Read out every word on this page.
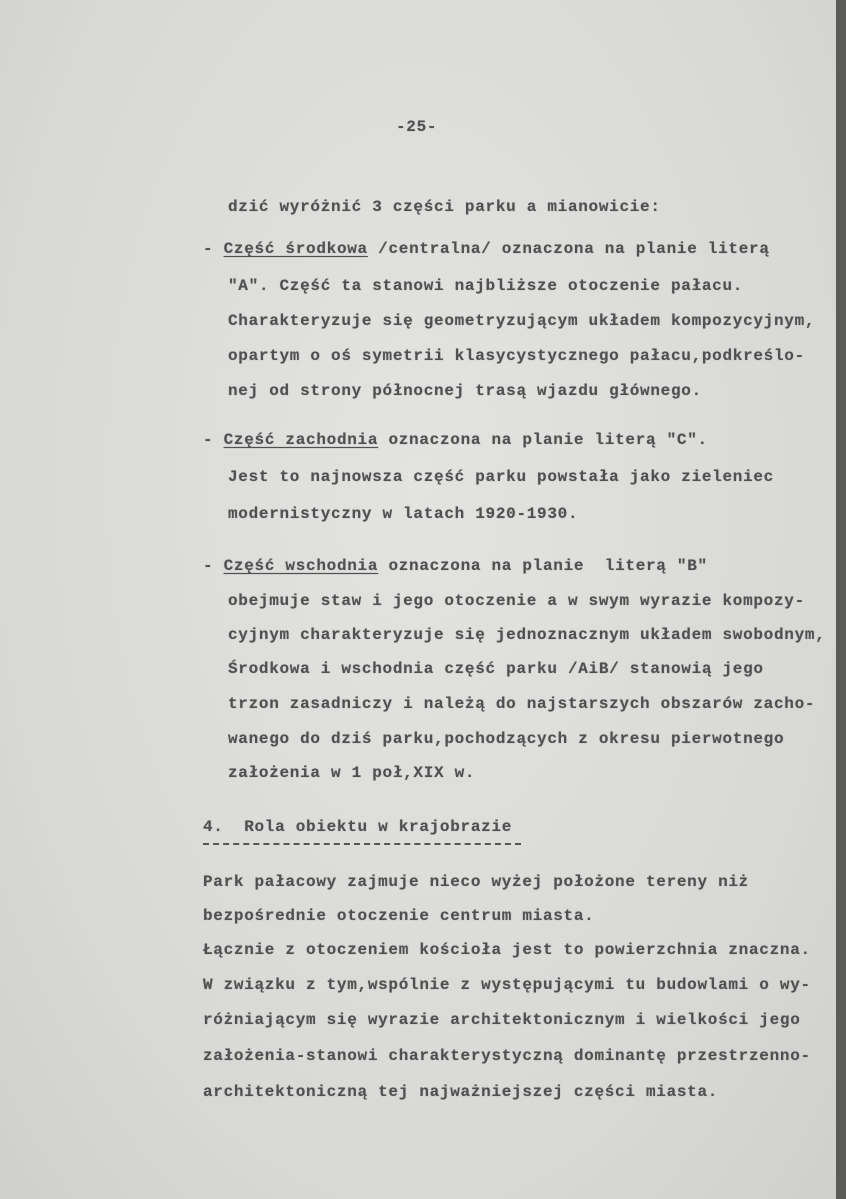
-25-
dzić wyróżnić 3 części parku a mianowicie:
- Część środkowa /centralna/ oznaczona na planie literą
"A". Część ta stanowi najbliższe otoczenie pałacu.
Charakteryzuje się geometryzującym układem kompozycyjnym,
opartym o oś symetrii klasycystycznego pałacu,podkreślo-
nej od strony północnej trasą wjazdu głównego.
- Część zachodnia oznaczona na planie literą "C".
Jest to najnowsza część parku powstała jako zieleniec
modernistyczny w latach 1920-1930.
- Część wschodnia oznaczona na planie  literą "B"
obejmuje staw i jego otoczenie a w swym wyrazie kompozy-
cyjnym charakteryzuje się jednoznacznym układem swobodnym,
Środkowa i wschodnia część parku /AiB/ stanowią jego
trzon zasadniczy i należą do najstarszych obszarów zacho-
wanego do dziś parku,pochodzących z okresu pierwotnego
założenia w 1 poł,XIX w.
4.  Rola obiektu w krajobrazie
Park pałacowy zajmuje nieco wyżej położone tereny niż
bezpośrednie otoczenie centrum miasta.
Łącznie z otoczeniem kościoła jest to powierzchnia znaczna.
W związku z tym,wspólnie z występującymi tu budowlami o wy-
różniającym się wyrazie architektonicznym i wielkości jego
założenia-stanowi charakterystyczną dominantę przestrzenno-
architektoniczną tej najważniejszej części miasta.
